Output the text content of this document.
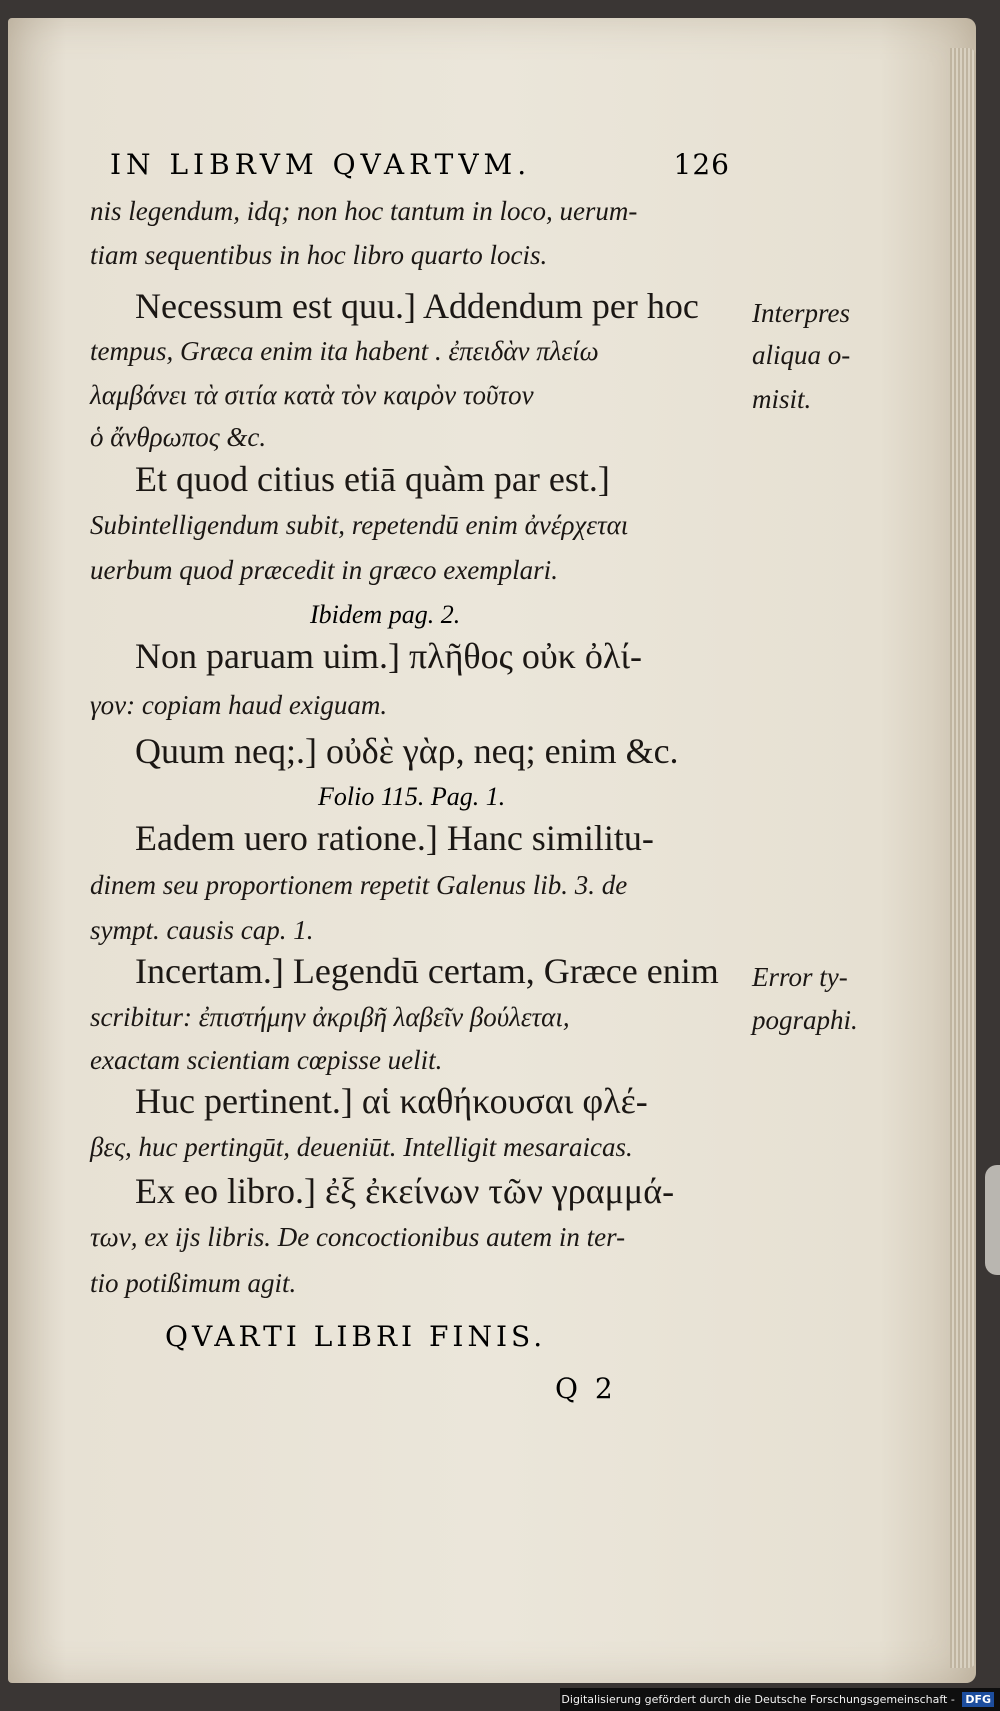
IN LIBRVM QVARTVM.	126
nis legendum, idq; non hoc tantum in loco, uerum-
tiam sequentibus in hoc libro quarto locis.
Necessum est quu.] Addendum per hoc
tempus, Græca enim ita habent . ἐπειδὰν πλείω
λαμβάνει τὰ σιτία κατὰ τὸν καιρὸν τοῦτον
ὁ ἄνθρωπος &c.
Et quod citius etiā quàm par est.]
Subintelligendum subit, repetendū enim ἀνέρχεται
uerbum quod præcedit in græco exemplari.
Ibidem pag. 2.
Non paruam uim.] πλῆθος οὐκ ὀλί-
γον: copiam haud exiguam.
Quum neq;.] οὐδὲ γὰρ, neq; enim &c.
Folio 115. Pag. 1.
Eadem uero ratione.] Hanc similitu-
dinem seu proportionem repetit Galenus lib. 3. de
sympt. causis cap. 1.
Incertam.] Legendū certam, Græce enim
scribitur: ἐπιστήμην ἀκριβῆ λαβεῖν βούλεται,
exactam scientiam cœpisse uelit.
Huc pertinent.] αἱ καθήκουσαι φλέ-
βες, huc pertingūt, deueniūt. Intelligit mesaraicas.
Ex eo libro.] ἐξ ἐκείνων τῶν γραμμά-
των, ex ijs libris. De concoctionibus autem in ter-
tio potißimum agit.
Interpres
aliqua o-
misit.
Error ty-
pographi.
QVARTI LIBRI FINIS.
Q 2
Digitalisierung gefördert durch die Deutsche Forschungsgemeinschaft - DFG
